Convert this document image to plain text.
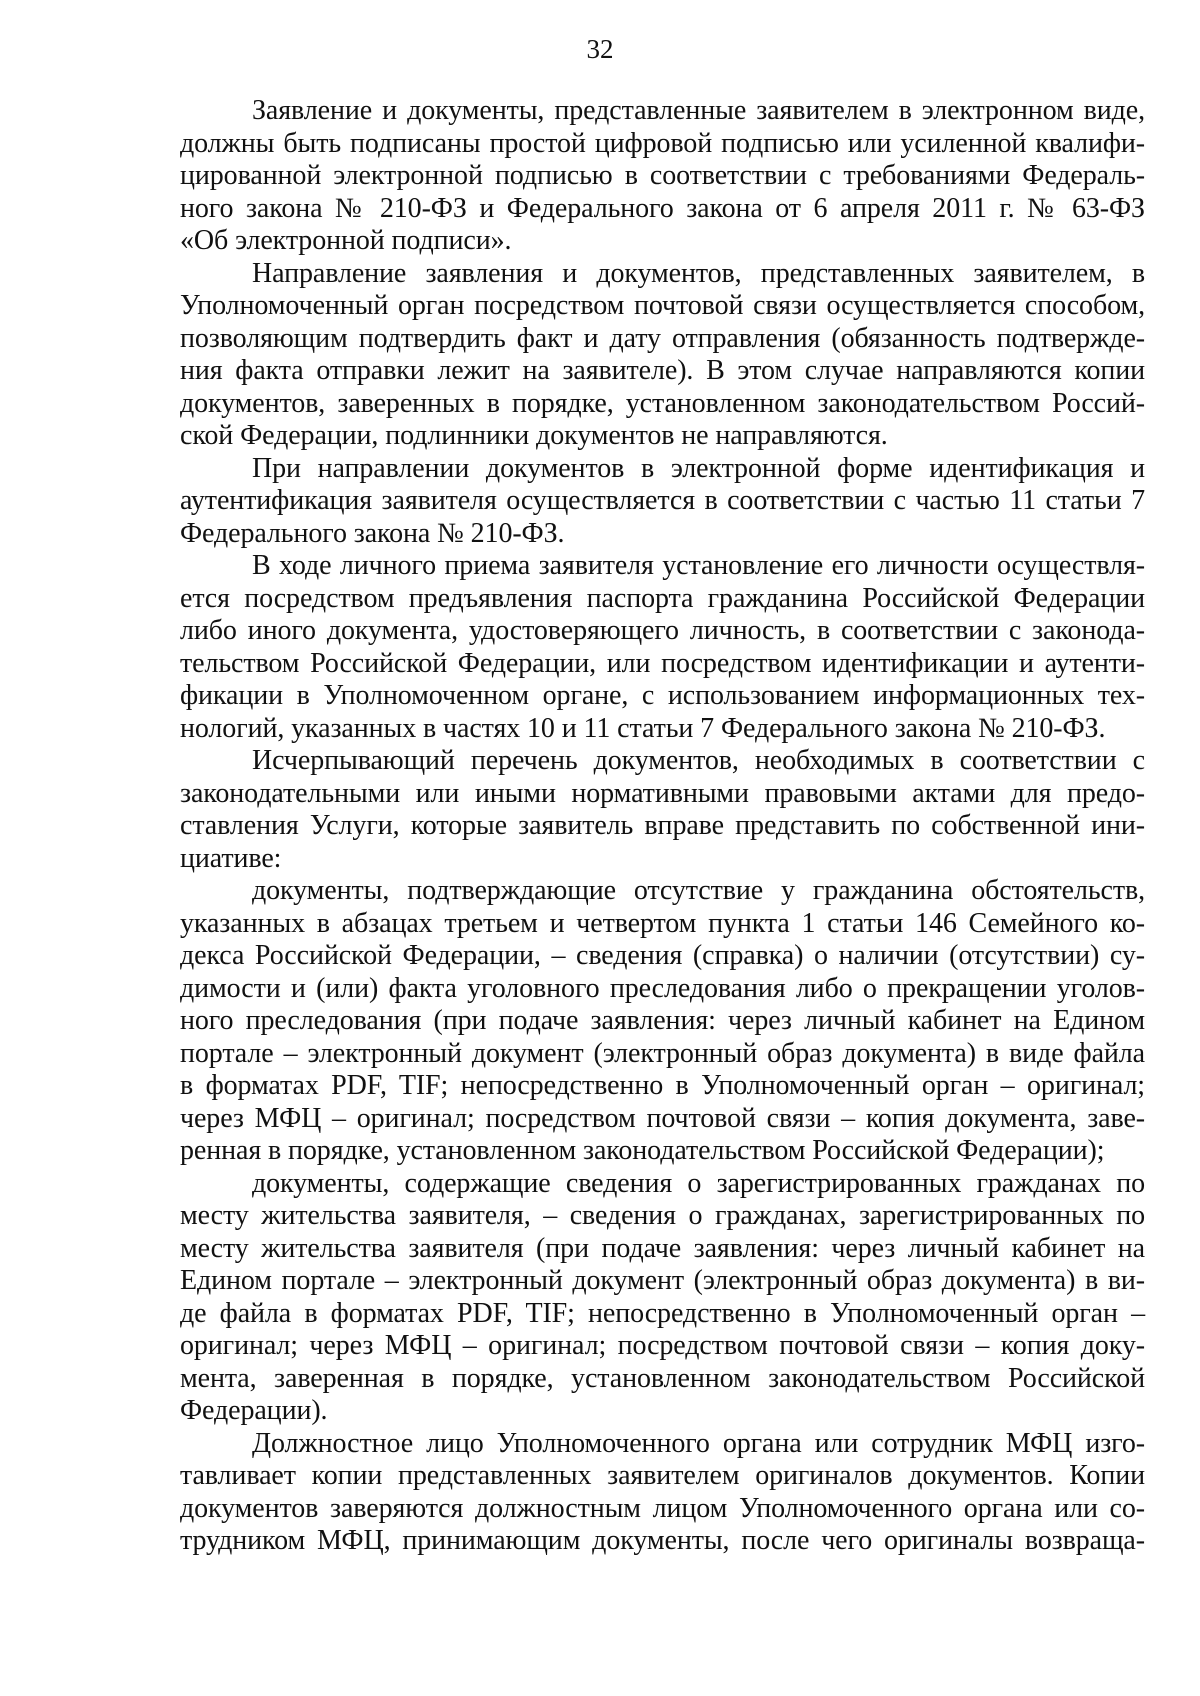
32

Заявление и документы, представленные заявителем в электронном виде,
должны быть подписаны простой цифровой подписью или усиленной квалифи-
цированной электронной подписью в соответствии с требованиями Федераль-
ного закона № 210-ФЗ и Федерального закона от 6 апреля 2011 г. № 63-ФЗ
«Об электронной подписи».

Направление заявления и документов, представленных заявителем, в
Уполномоченный орган посредством почтовой связи осуществляется способом,
позволяющим подтвердить факт и дату отправления (обязанность подтвержде-
ния факта отправки лежит на заявителе). В этом случае направляются копии
документов, заверенных в порядке, установленном законодательством Россий-
ской Федерации, подлинники документов не направляются.

При направлении документов в электронной форме идентификация и
аутентификация заявителя осуществляется в соответствии с частью 11 статьи 7
Федерального закона № 210-ФЗ.

В ходе личного приема заявителя установление его личности осуществля-
ется посредством предъявления паспорта гражданина Российской Федерации
либо иного документа, удостоверяющего личность, в соответствии с законода-
тельством Российской Федерации, или посредством идентификации и аутенти-
фикации в Уполномоченном органе, с использованием информационных тех-
нологий, указанных в частях 10 и 11 статьи 7 Федерального закона № 210-ФЗ.

Исчерпывающий перечень документов, необходимых в соответствии с
законодательными или иными нормативными правовыми актами для предо-
ставления Услуги, которые заявитель вправе представить по собственной ини-
циативе:

документы, подтверждающие отсутствие у гражданина обстоятельств,
указанных в абзацах третьем и четвертом пункта 1 статьи 146 Семейного ко-
декса Российской Федерации, – сведения (справка) о наличии (отсутствии) су-
димости и (или) факта уголовного преследования либо о прекращении уголов-
ного преследования (при подаче заявления: через личный кабинет на Едином
портале – электронный документ (электронный образ документа) в виде файла
в форматах PDF, TIF; непосредственно в Уполномоченный орган – оригинал;
через МФЦ – оригинал; посредством почтовой связи – копия документа, заве-
ренная в порядке, установленном законодательством Российской Федерации);

документы, содержащие сведения о зарегистрированных гражданах по
месту жительства заявителя, – сведения о гражданах, зарегистрированных по
месту жительства заявителя (при подаче заявления: через личный кабинет на
Едином портале – электронный документ (электронный образ документа) в ви-
де файла в форматах PDF, TIF; непосредственно в Уполномоченный орган –
оригинал; через МФЦ – оригинал; посредством почтовой связи – копия доку-
мента, заверенная в порядке, установленном законодательством Российской
Федерации).

Должностное лицо Уполномоченного органа или сотрудник МФЦ изго-
тавливает копии представленных заявителем оригиналов документов. Копии
документов заверяются должностным лицом Уполномоченного органа или со-
трудником МФЦ, принимающим документы, после чего оригиналы возвраща-
